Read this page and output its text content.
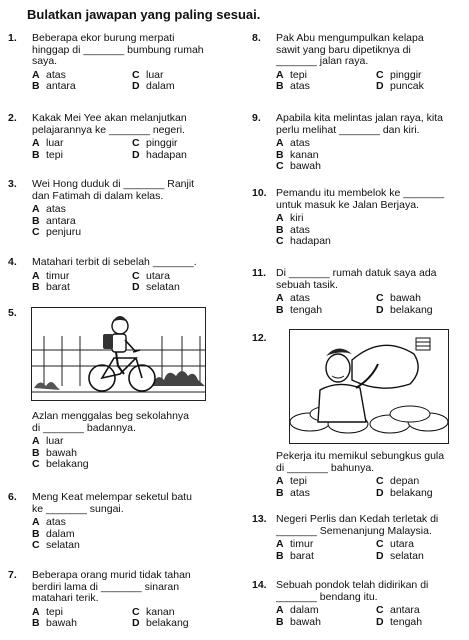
Bulatkan jawapan yang paling sesuai.
1. Beberapa ekor burung merpati
hinggap di _______ bumbung rumah
saya.
A atas	C luar
B antara	D dalam
2. Kakak Mei Yee akan melanjutkan
pelajarannya ke _______ negeri.
A luar	C pinggir
B tepi	D hadapan
3. Wei Hong duduk di _______ Ranjit
dan Fatimah di dalam kelas.
A atas
B antara
C penjuru
4. Matahari terbit di sebelah _______.
A timur	C utara
B barat	D selatan
5.
Azlan menggalas beg sekolahnya
di _______ badannya.
A luar
B bawah
C belakang
6. Meng Keat melempar seketul batu
ke _______ sungai.
A atas
B dalam
C selatan
7. Beberapa orang murid tidak tahan
berdiri lama di _______ sinaran
matahari terik.
A tepi	C kanan
B bawah	D belakang
8. Pak Abu mengumpulkan kelapa
sawit yang baru dipetiknya di
_______ jalan raya.
A tepi	C pinggir
B atas	D puncak
9. Apabila kita melintas jalan raya, kita
perlu melihat _______ dan kiri.
A atas
B kanan
C bawah
10. Pemandu itu membelok ke _______
untuk masuk ke Jalan Berjaya.
A kiri
B atas
C hadapan
11. Di _______ rumah datuk saya ada
sebuah tasik.
A atas	C bawah
B tengah	D belakang
12.
Pekerja itu memikul sebungkus gula
di _______ bahunya.
A tepi	C depan
B atas	D belakang
13. Negeri Perlis dan Kedah terletak di
_______ Semenanjung Malaysia.
A timur	C utara
B barat	D selatan
14. Sebuah pondok telah didirikan di
_______ bendang itu.
A dalam	C antara
B bawah	D tengah
